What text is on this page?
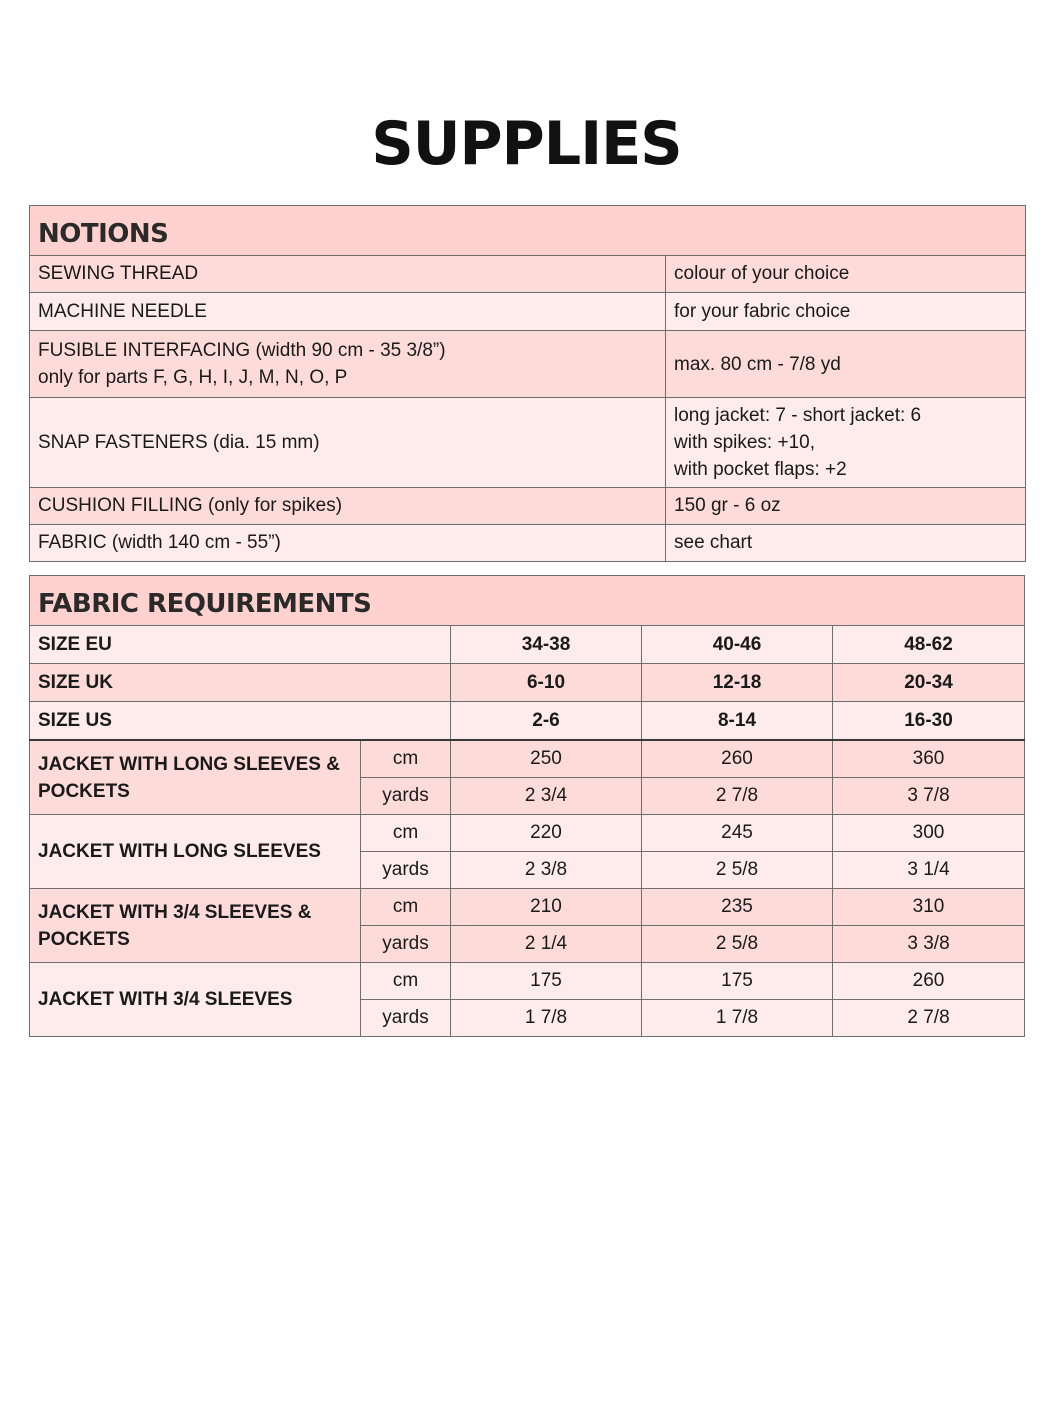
SUPPLIES
NOTIONS	
SEWING THREAD	colour of your choice
MACHINE NEEDLE	for your fabric choice

FUSIBLE INTERFACING (width 90 cm - 35 3/8”)
only for parts F, G, H, I, J, M, N, O, P	max. 80 cm - 7/8 yd
SNAP FASTENERS (dia. 15 mm)	long jacket: 7 - short jacket: 6
with spikes: +10,
with pocket flaps: +2

CUSHION FILLING (only for spikes)	150 gr - 6 oz
FABRIC (width 140 cm - 55”)	see chart
FABRIC REQUIREMENTS				
SIZE EU		34-38	40-46	48-62
SIZE UK		6-10	12-18	20-34
SIZE US		2-6	8-14	16-30

JACKET WITH LONG SLEEVES &
POCKETS	cm	250	260	360
	yards	2 3/4	2 7/8	3 7/8

JACKET WITH LONG SLEEVES	cm	220	245	300
	yards	2 3/8	2 5/8	3 1/4

JACKET WITH 3/4 SLEEVES &
POCKETS	cm	210	235	310
	yards	2 1/4	2 5/8	3 3/8

JACKET WITH 3/4 SLEEVES	cm	175	175	260
	yards	1 7/8	1 7/8	2 7/8
